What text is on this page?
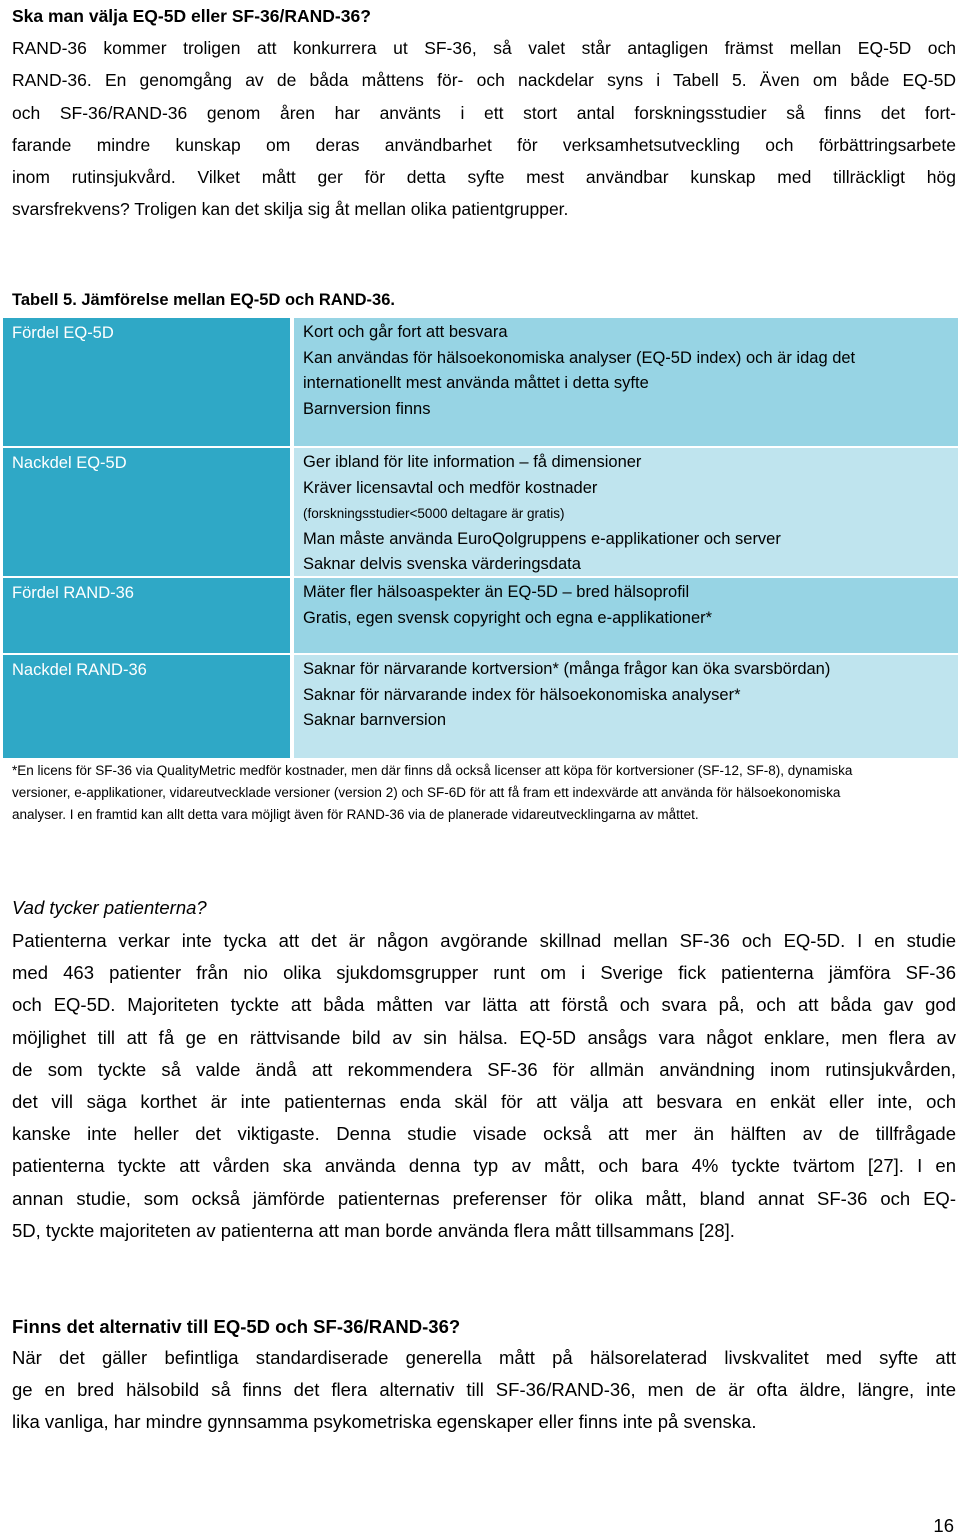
Ska man välja EQ-5D eller SF-36/RAND-36?

RAND-36 kommer troligen att konkurrera ut SF-36, så valet står antagligen främst mellan EQ-5D och
RAND-36. En genomgång av de båda måttens för- och nackdelar syns i Tabell 5. Även om både EQ-5D
och SF-36/RAND-36 genom åren har använts i ett stort antal forskningsstudier så finns det fort-
farande mindre kunskap om deras användbarhet för verksamhetsutveckling och förbättringsarbete
inom rutinsjukvård. Vilket mått ger för detta syfte mest användbar kunskap med tillräckligt hög
svarsfrekvens? Troligen kan det skilja sig åt mellan olika patientgrupper.

Tabell 5. Jämförelse mellan EQ-5D och RAND-36.

Fördel EQ-5D	Kort och går fort att besvara
Kan användas för hälsoekonomiska analyser (EQ-5D index) och är idag det
internationellt mest använda måttet i detta syfte
Barnversion finns
Nackdel EQ-5D	Ger ibland för lite information – få dimensioner
Kräver licensavtal och medför kostnader
(forskningsstudier<5000 deltagare är gratis)
Man måste använda EuroQolgruppens e-applikationer och server
Saknar delvis svenska värderingsdata
Fördel RAND-36	Mäter fler hälsoaspekter än EQ-5D – bred hälsoprofil
Gratis, egen svensk copyright och egna e-applikationer*
Nackdel RAND-36	Saknar för närvarande kortversion* (många frågor kan öka svarsbördan)
Saknar för närvarande index för hälsoekonomiska analyser*
Saknar barnversion

*En licens för SF-36 via QualityMetric medför kostnader, men där finns då också licenser att köpa för kortversioner (SF-12, SF-8), dynamiska
versioner, e-applikationer, vidareutvecklade versioner (version 2) och SF-6D för att få fram ett indexvärde att använda för hälsoekonomiska
analyser. I en framtid kan allt detta vara möjligt även för RAND-36 via de planerade vidareutvecklingarna av måttet.

Vad tycker patienterna?

Patienterna verkar inte tycka att det är någon avgörande skillnad mellan SF-36 och EQ-5D. I en studie
med 463 patienter från nio olika sjukdomsgrupper runt om i Sverige fick patienterna jämföra SF-36
och EQ-5D. Majoriteten tyckte att båda måtten var lätta att förstå och svara på, och att båda gav god
möjlighet till att få ge en rättvisande bild av sin hälsa. EQ-5D ansågs vara något enklare, men flera av
de som tyckte så valde ändå att rekommendera SF-36 för allmän användning inom rutinsjukvården,
det vill säga korthet är inte patienternas enda skäl för att välja att besvara en enkät eller inte, och
kanske inte heller det viktigaste. Denna studie visade också att mer än hälften av de tillfrågade
patienterna tyckte att vården ska använda denna typ av mått, och bara 4% tyckte tvärtom [27]. I en
annan studie, som också jämförde patienternas preferenser för olika mått, bland annat SF-36 och EQ-
5D, tyckte majoriteten av patienterna att man borde använda flera mått tillsammans [28].

Finns det alternativ till EQ-5D och SF-36/RAND-36?

När det gäller befintliga standardiserade generella mått på hälsorelaterad livskvalitet med syfte att
ge en bred hälsobild så finns det flera alternativ till SF-36/RAND-36, men de är ofta äldre, längre, inte
lika vanliga, har mindre gynnsamma psykometriska egenskaper eller finns inte på svenska.

16
